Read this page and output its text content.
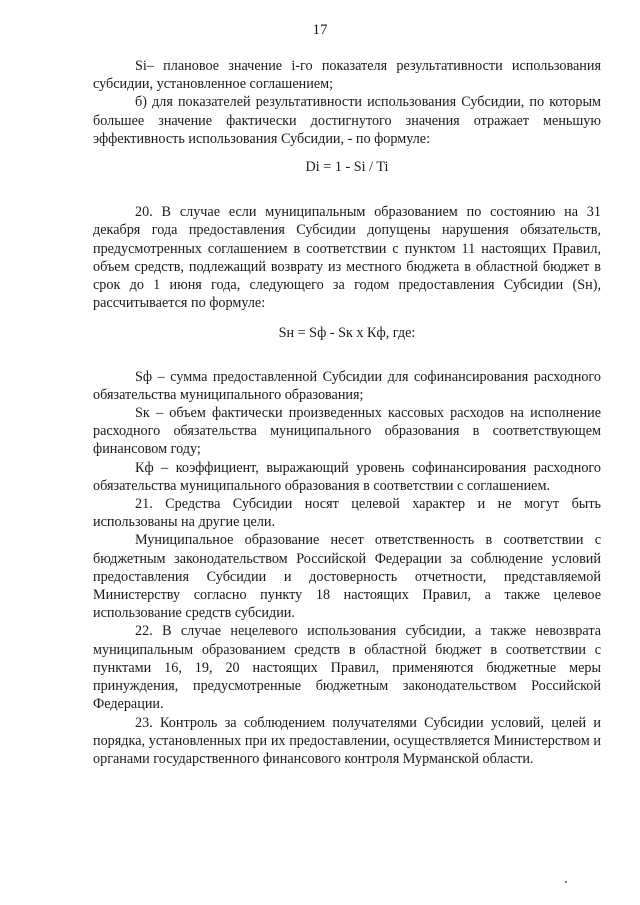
17

Si– плановое значение i-го показателя результативности использования субсидии, установленное соглашением;

б) для показателей результативности использования Субсидии, по которым большее значение фактически достигнутого значения отражает меньшую эффективность использования Субсидии, - по формуле:

Di = 1 - Si / Ti

20. В случае если муниципальным образованием по состоянию на 31 декабря года предоставления Субсидии допущены нарушения обязательств, предусмотренных соглашением в соответствии с пунктом 11 настоящих Правил, объем средств, подлежащий возврату из местного бюджета в областной бюджет в срок до 1 июня года, следующего за годом предоставления Субсидии (Sн), рассчитывается по формуле:

Sн = Sф - Sк х Кф, где:

Sф – сумма предоставленной Субсидии для софинансирования расходного обязательства муниципального образования;

Sк – объем фактически произведенных кассовых расходов на исполнение расходного обязательства муниципального образования в соответствующем финансовом году;

Кф – коэффициент, выражающий уровень софинансирования расходного обязательства муниципального образования в соответствии с соглашением.

21. Средства Субсидии носят целевой характер и не могут быть использованы на другие цели.

Муниципальное образование несет ответственность в соответствии с бюджетным законодательством Российской Федерации за соблюдение условий предоставления Субсидии и достоверность отчетности, представляемой Министерству согласно пункту 18 настоящих Правил, а также целевое использование средств субсидии.

22. В случае нецелевого использования субсидии, а также невозврата муниципальным образованием средств в областной бюджет в соответствии с пунктами 16, 19, 20 настоящих Правил, применяются бюджетные меры принуждения, предусмотренные бюджетным законодательством Российской Федерации.

23. Контроль за соблюдением получателями Субсидии условий, целей и порядка, установленных при их предоставлении, осуществляется Министерством и органами государственного финансового контроля Мурманской области.
